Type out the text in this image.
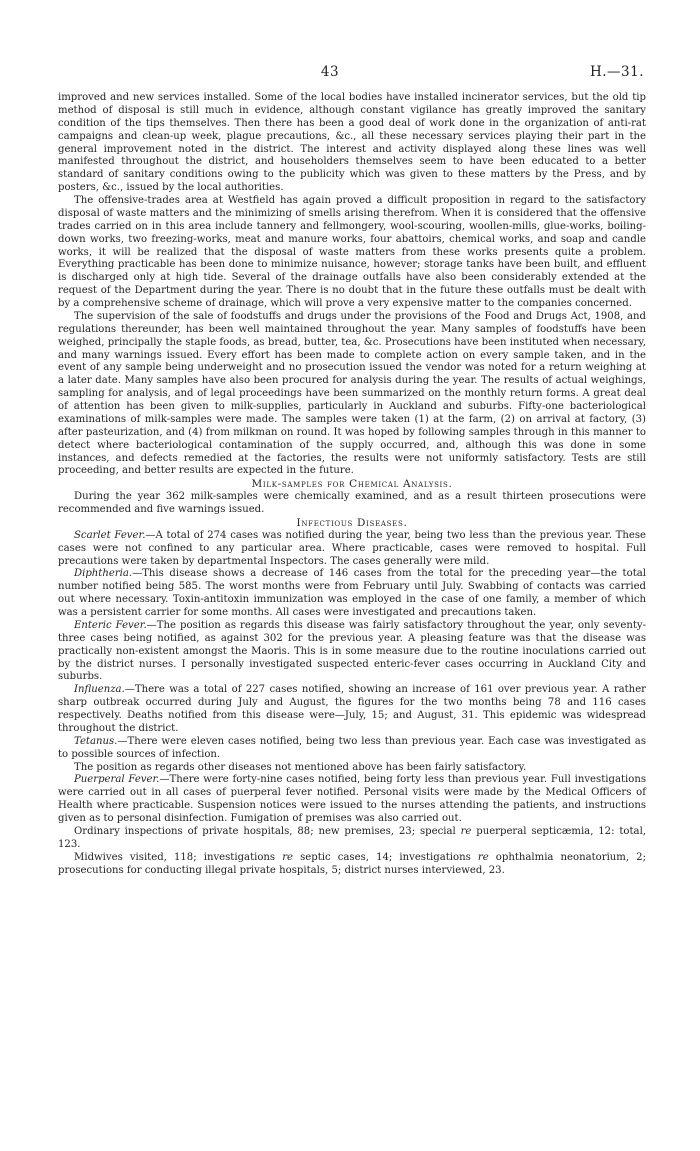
43	H.—31.

improved and new services installed. Some of the local bodies have installed incinerator services, but the old tip method of disposal is still much in evidence, although constant vigilance has greatly improved the sanitary condition of the tips themselves. Then there has been a good deal of work done in the organization of anti-rat campaigns and clean-up week, plague precautions, &c., all these necessary services playing their part in the general improvement noted in the district. The interest and activity displayed along these lines was well manifested throughout the district, and householders themselves seem to have been educated to a better standard of sanitary conditions owing to the publicity which was given to these matters by the Press, and by posters, &c., issued by the local authorities.

The offensive-trades area at Westfield has again proved a difficult proposition in regard to the satisfactory disposal of waste matters and the minimizing of smells arising therefrom. When it is considered that the offensive trades carried on in this area include tannery and fellmongery, wool-scouring, woollen-mills, glue-works, boiling-down works, two freezing-works, meat and manure works, four abattoirs, chemical works, and soap and candle works, it will be realized that the disposal of waste matters from these works presents quite a problem. Everything practicable has been done to minimize nuisance, however; storage tanks have been built, and effluent is discharged only at high tide. Several of the drainage outfalls have also been considerably extended at the request of the Department during the year. There is no doubt that in the future these outfalls must be dealt with by a comprehensive scheme of drainage, which will prove a very expensive matter to the companies concerned.

The supervision of the sale of foodstuffs and drugs under the provisions of the Food and Drugs Act, 1908, and regulations thereunder, has been well maintained throughout the year. Many samples of foodstuffs have been weighed, principally the staple foods, as bread, butter, tea, &c. Prosecutions have been instituted when necessary, and many warnings issued. Every effort has been made to complete action on every sample taken, and in the event of any sample being underweight and no prosecution issued the vendor was noted for a return weighing at a later date. Many samples have also been procured for analysis during the year. The results of actual weighings, sampling for analysis, and of legal proceedings have been summarized on the monthly return forms. A great deal of attention has been given to milk-supplies, particularly in Auckland and suburbs. Fifty-one bacteriological examinations of milk-samples were made. The samples were taken (1) at the farm, (2) on arrival at factory, (3) after pasteurization, and (4) from milkman on round. It was hoped by following samples through in this manner to detect where bacteriological contamination of the supply occurred, and, although this was done in some instances, and defects remedied at the factories, the results were not uniformly satisfactory. Tests are still proceeding, and better results are expected in the future.

Milk-samples for Chemical Analysis.

During the year 362 milk-samples were chemically examined, and as a result thirteen prosecutions were recommended and five warnings issued.

Infectious Diseases.

Scarlet Fever.—A total of 274 cases was notified during the year, being two less than the previous year. These cases were not confined to any particular area. Where practicable, cases were removed to hospital. Full precautions were taken by departmental Inspectors. The cases generally were mild.

Diphtheria.—This disease shows a decrease of 146 cases from the total for the preceding year—the total number notified being 585. The worst months were from February until July. Swabbing of contacts was carried out where necessary. Toxin-antitoxin immunization was employed in the case of one family, a member of which was a persistent carrier for some months. All cases were investigated and precautions taken.

Enteric Fever.—The position as regards this disease was fairly satisfactory throughout the year, only seventy-three cases being notified, as against 302 for the previous year. A pleasing feature was that the disease was practically non-existent amongst the Maoris. This is in some measure due to the routine inoculations carried out by the district nurses. I personally investigated suspected enteric-fever cases occurring in Auckland City and suburbs.

Influenza.—There was a total of 227 cases notified, showing an increase of 161 over previous year. A rather sharp outbreak occurred during July and August, the figures for the two months being 78 and 116 cases respectively. Deaths notified from this disease were—July, 15; and August, 31. This epidemic was widespread throughout the district.

Tetanus.—There were eleven cases notified, being two less than previous year. Each case was investigated as to possible sources of infection.

The position as regards other diseases not mentioned above has been fairly satisfactory.

Puerperal Fever.—There were forty-nine cases notified, being forty less than previous year. Full investigations were carried out in all cases of puerperal fever notified. Personal visits were made by the Medical Officers of Health where practicable. Suspension notices were issued to the nurses attending the patients, and instructions given as to personal disinfection. Fumigation of premises was also carried out.

Ordinary inspections of private hospitals, 88; new premises, 23; special re puerperal septicæmia, 12: total, 123.

Midwives visited, 118; investigations re septic cases, 14; investigations re ophthalmia neonatorium, 2; prosecutions for conducting illegal private hospitals, 5; district nurses interviewed, 23.
